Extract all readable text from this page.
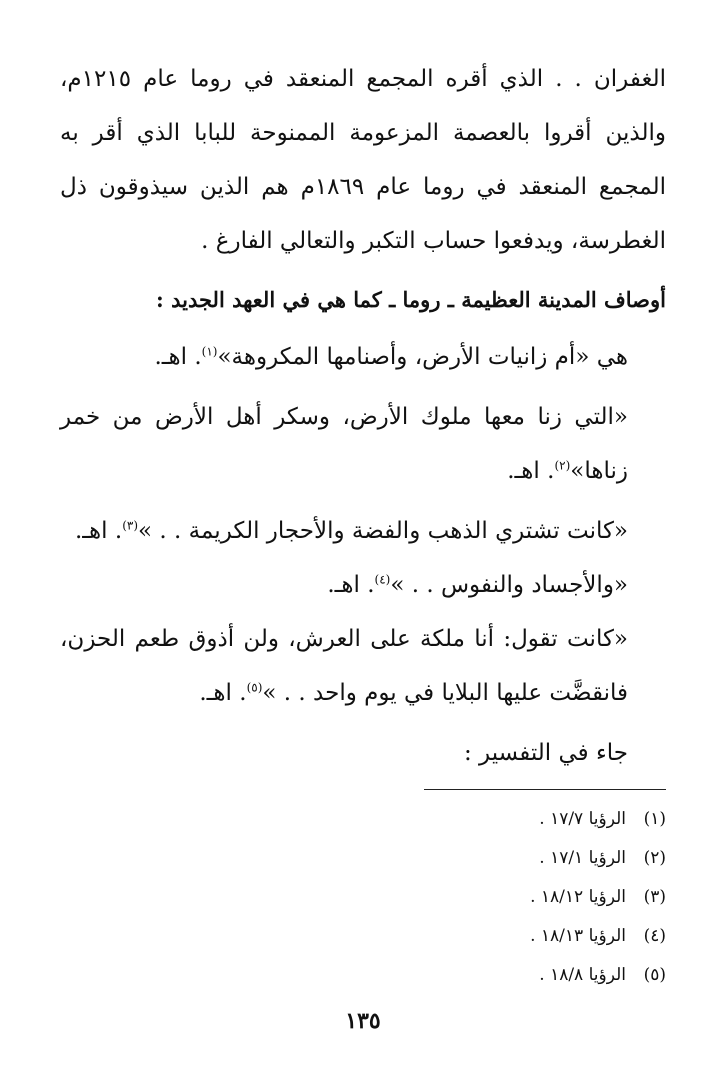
الغفران . . الذي أقره المجمع المنعقد في روما عام ١٢١٥م، والذين أقروا بالعصمة المزعومة الممنوحة للبابا الذي أقر به المجمع المنعقد في روما عام ١٨٦٩م هم الذين سيذوقون ذل الغطرسة، ويدفعوا حساب التكبر والتعالي الفارغ .

أوصاف المدينة العظيمة ـ روما ـ كما هي في العهد الجديد :

هي «أم زانيات الأرض، وأصنامها المكروهة»$^{(١)}$. اهـ.

«التي زنا معها ملوك الأرض، وسكر أهل الأرض من خمر زناها»$^{(٢)}$. اهـ.

«كانت تشتري الذهب والفضة والأحجار الكريمة . . »$^{(٣)}$. اهـ.

«والأجساد والنفوس . . »$^{(٤)}$. اهـ.

«كانت تقول: أنا ملكة على العرش، ولن أذوق طعم الحزن، فانقضَّت عليها البلايا في يوم واحد . . »$^{(٥)}$. اهـ.

جاء في التفسير :

(١)
الرؤيا ١٧/٧ .
(٢)
الرؤيا ١٧/١ .
(٣)
الرؤيا ١٨/١٢ .
(٤)
الرؤيا ١٨/١٣ .
(٥)
الرؤيا ١٨/٨ .
١٣٥
